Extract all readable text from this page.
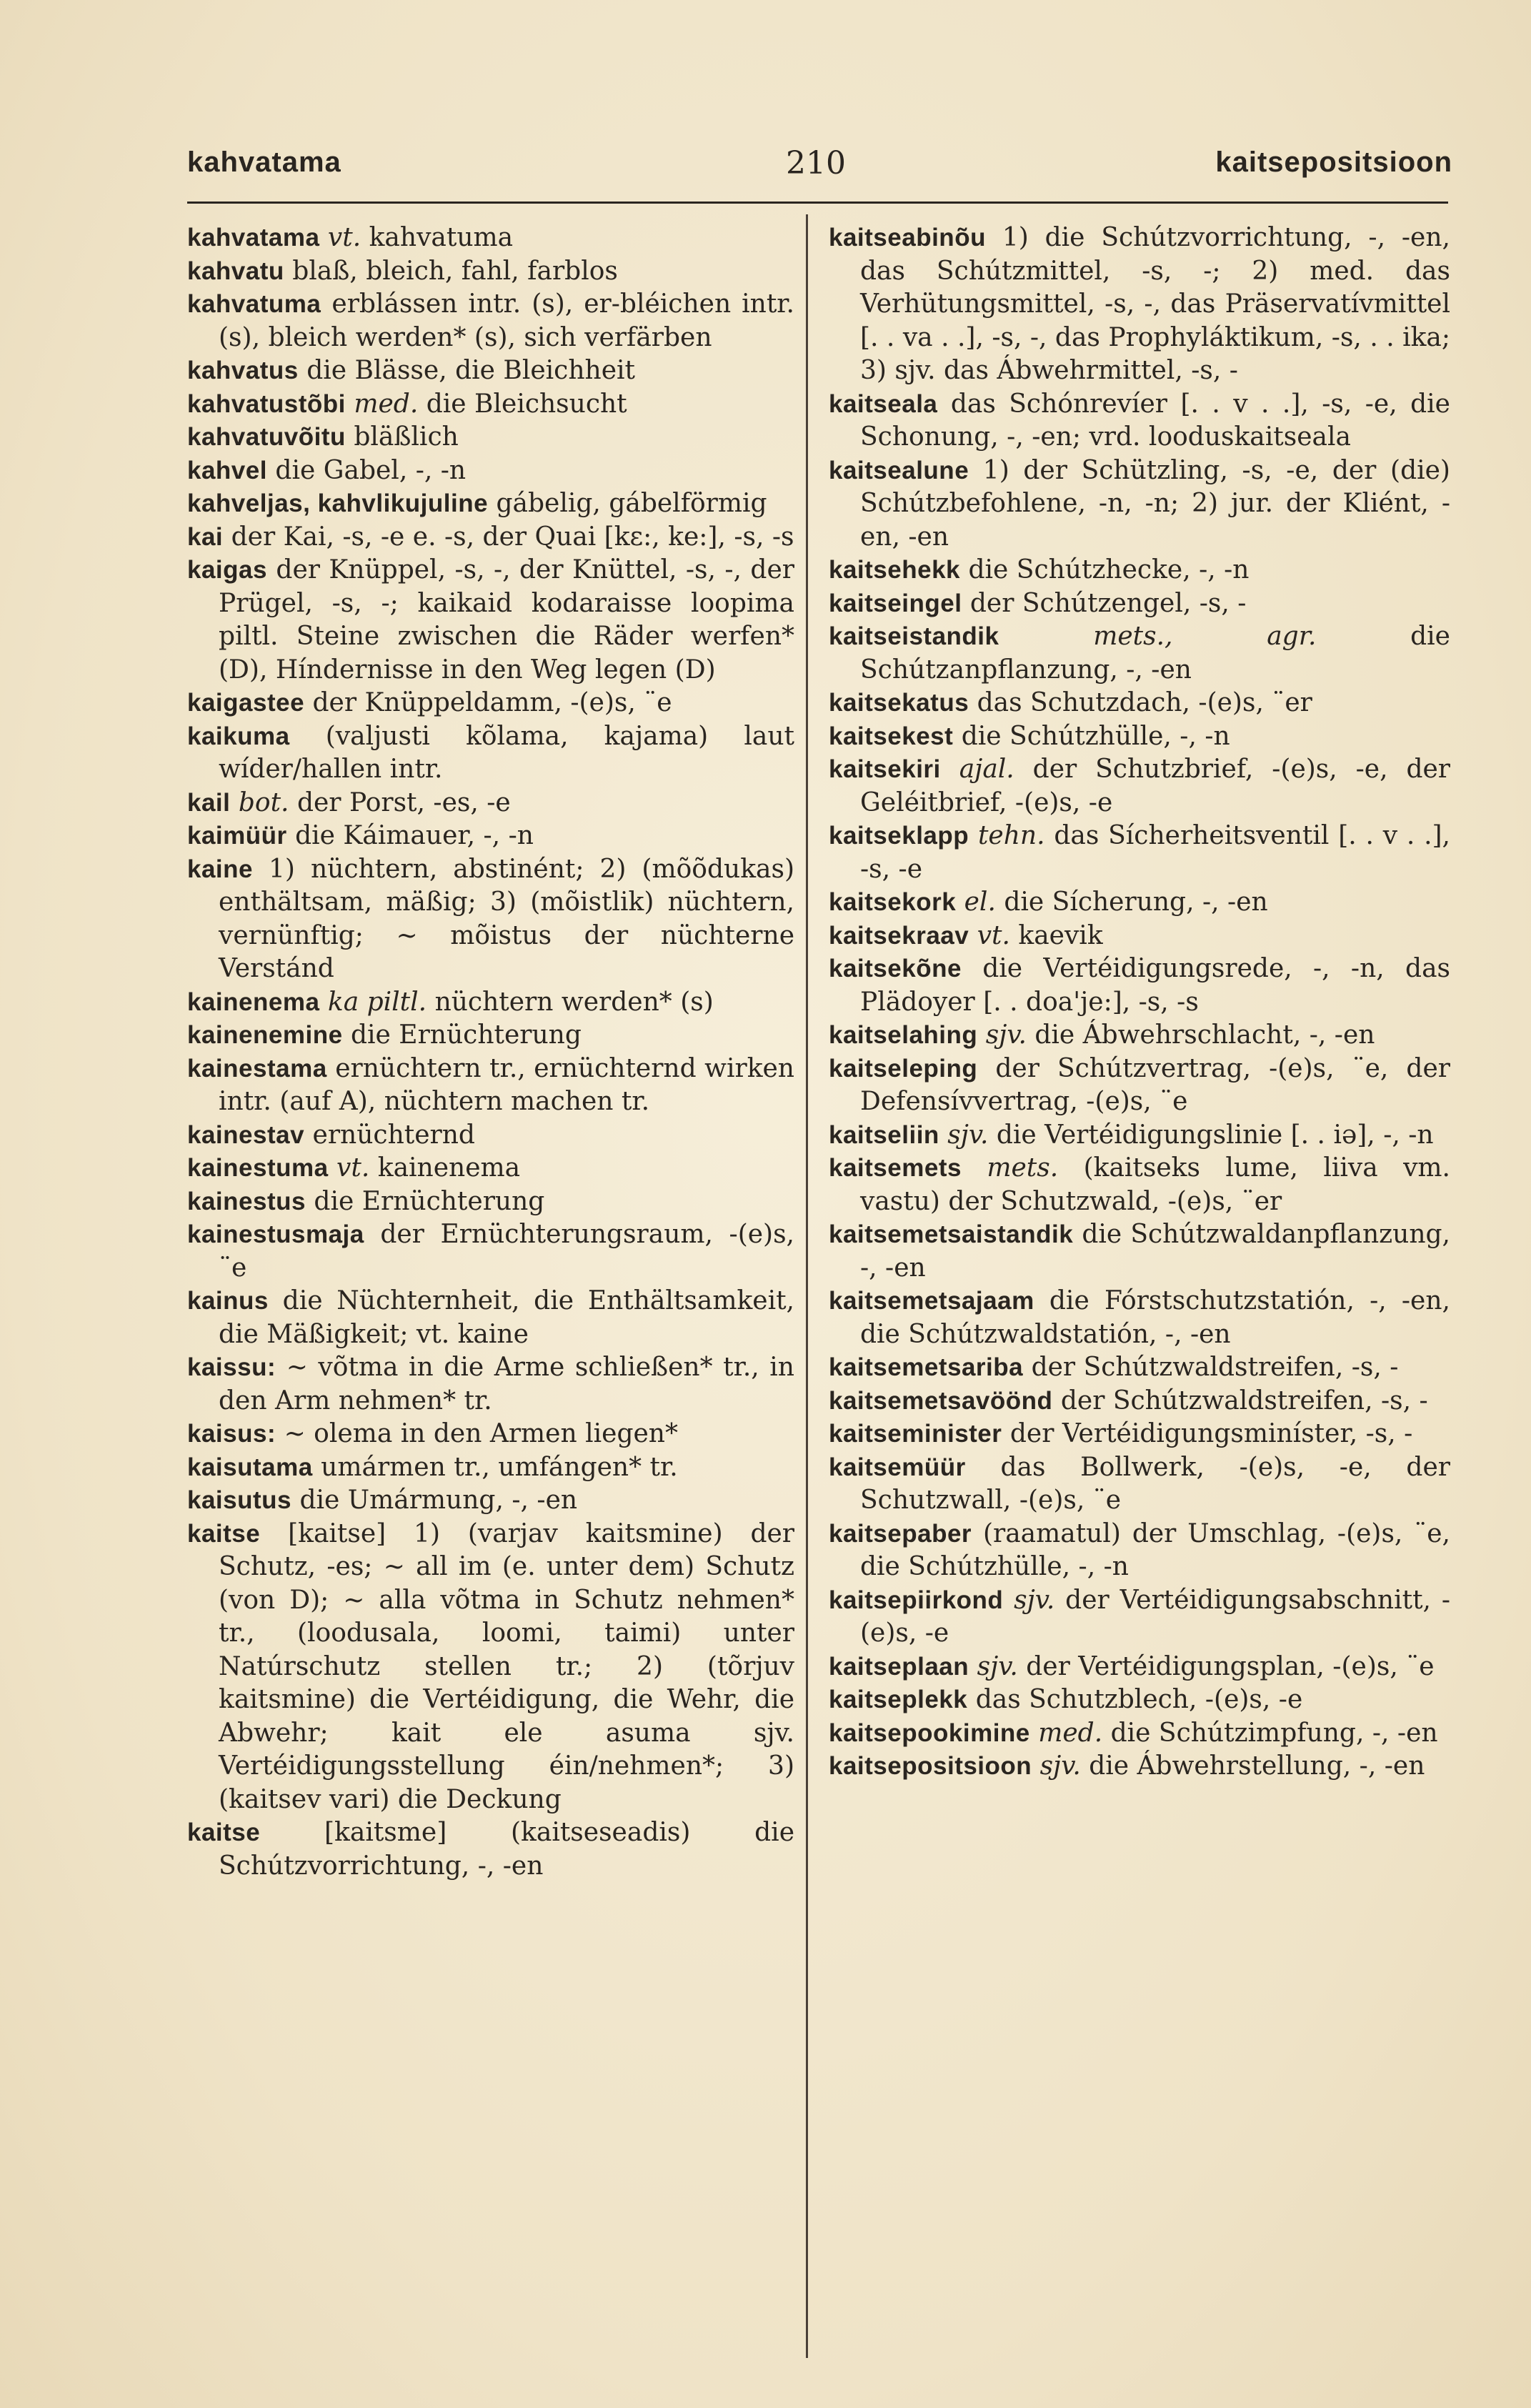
kahvatama	210	kaitsepositsioon
kahvatama vt. kahvatuma
kahvatu blaß, bleich, fahl, farblos
kahvatuma erblássen intr. (s), er-bléichen intr. (s), bleich werden* (s), sich verfärben
kahvatus die Blässe, die Bleichheit
kahvatustõbi med. die Bleichsucht
kahvatuvõitu bläßlich
kahvel die Gabel, -, -n
kahveljas, kahvlikujuline gábelig, gábelförmig
kai der Kai, -s, -e e. -s, der Quai [kɛ:, ke:], -s, -s
kaigas der Knüppel, -s, -, der Knüttel, -s, -, der Prügel, -s, -; kaikaid kodaraisse loopima piltl. Steine zwischen die Räder werfen* (D), Híndernisse in den Weg legen (D)
kaigastee der Knüppeldamm, -(e)s, ¨e
kaikuma (valjusti kõlama, kajama) laut wíder/hallen intr.
kail bot. der Porst, -es, -e
kaimüür die Káimauer, -, -n
kaine 1) nüchtern, abstinént; 2) (mõõdukas) enthältsam, mäßig; 3) (mõistlik) nüchtern, vernünftig; ~ mõistus der nüchterne Verstánd
kainenema ka piltl. nüchtern werden* (s)
kainenemine die Ernüchterung
kainestama ernüchtern tr., ernüchternd wirken intr. (auf A), nüchtern machen tr.
kainestav ernüchternd
kainestuma vt. kainenema
kainestus die Ernüchterung
kainestusmaja der Ernüchterungsraum, -(e)s, ¨e
kainus die Nüchternheit, die Enthältsamkeit, die Mäßigkeit; vt. kaine
kaissu: ~ võtma in die Arme schließen* tr., in den Arm nehmen* tr.
kaisus: ~ olema in den Armen liegen*
kaisutama umármen tr., umfángen* tr.
kaisutus die Umármung, -, -en
kaitse [kaitse] 1) (varjav kaitsmine) der Schutz, -es; ~ all im (e. unter dem) Schutz (von D); ~ alla võtma in Schutz nehmen* tr., (loodusala, loomi, taimi) unter Natúrschutz stellen tr.; 2) (tõrjuv kaitsmine) die Vertéidigung, die Wehr, die Abwehr; kait ele asuma sjv. Vertéidigungsstellung éin/nehmen*; 3) (kaitsev vari) die Deckung
kaitse [kaitsme] (kaitseseadis) die Schútzvorrichtung, -, -en
kaitseabinõu 1) die Schútzvorrichtung, -, -en, das Schútzmittel, -s, -; 2) med. das Verhütungsmittel, -s, -, das Präservatívmittel [. . va . .], -s, -, das Prophyláktikum, -s, . . ika; 3) sjv. das Ábwehrmittel, -s, -
kaitseala das Schónrevíer [. . v . .], -s, -e, die Schonung, -, -en; vrd. looduskaitseala
kaitsealune 1) der Schützling, -s, -e, der (die) Schútzbefohlene, -n, -n; 2) jur. der Kliént, -en, -en
kaitsehekk die Schútzhecke, -, -n
kaitseingel der Schútzengel, -s, -
kaitseistandik	mets., agr.	die Schútzanpflanzung, -, -en
kaitsekatus das Schutzdach, -(e)s, ¨er
kaitsekest die Schútzhülle, -, -n
kaitsekiri ajal. der Schutzbrief, -(e)s, -e, der Geléitbrief, -(e)s, -e
kaitseklapp tehn. das Sícherheitsventil [. . v . .], -s, -e
kaitsekork el. die Sícherung, -, -en
kaitsekraav vt. kaevik
kaitsekõne die Vertéidigungsrede, -, -n, das Plädoyer [. . doa'je:], -s, -s
kaitselahing sjv. die Ábwehrschlacht, -, -en
kaitseleping der Schútzvertrag, -(e)s, ¨e, der Defensívvertrag, -(e)s, ¨e
kaitseliin sjv. die Vertéidigungslinie [. . iə], -, -n
kaitsemets mets. (kaitseks lume, liiva vm. vastu) der Schutzwald, -(e)s, ¨er
kaitsemetsaistandik die Schútzwaldanpflanzung, -, -en
kaitsemetsajaam die Fórstschutzstatión, -, -en, die Schútzwaldstatión, -, -en
kaitsemetsariba der Schútzwaldstreifen, -s, -
kaitsemetsavöönd der Schútzwaldstreifen, -s, -
kaitseminister der Vertéidigungsminíster, -s, -
kaitsemüür das Bollwerk, -(e)s, -e, der Schutzwall, -(e)s, ¨e
kaitsepaber (raamatul) der Umschlag, -(e)s, ¨e, die Schútzhülle, -, -n
kaitsepiirkond sjv. der Vertéidigungsabschnitt, -(e)s, -e
kaitseplaan sjv. der Vertéidigungsplan, -(e)s, ¨e
kaitseplekk das Schutzblech, -(e)s, -e
kaitsepookimine med. die Schútzimpfung, -, -en
kaitsepositsioon sjv. die Ábwehrstellung, -, -en
